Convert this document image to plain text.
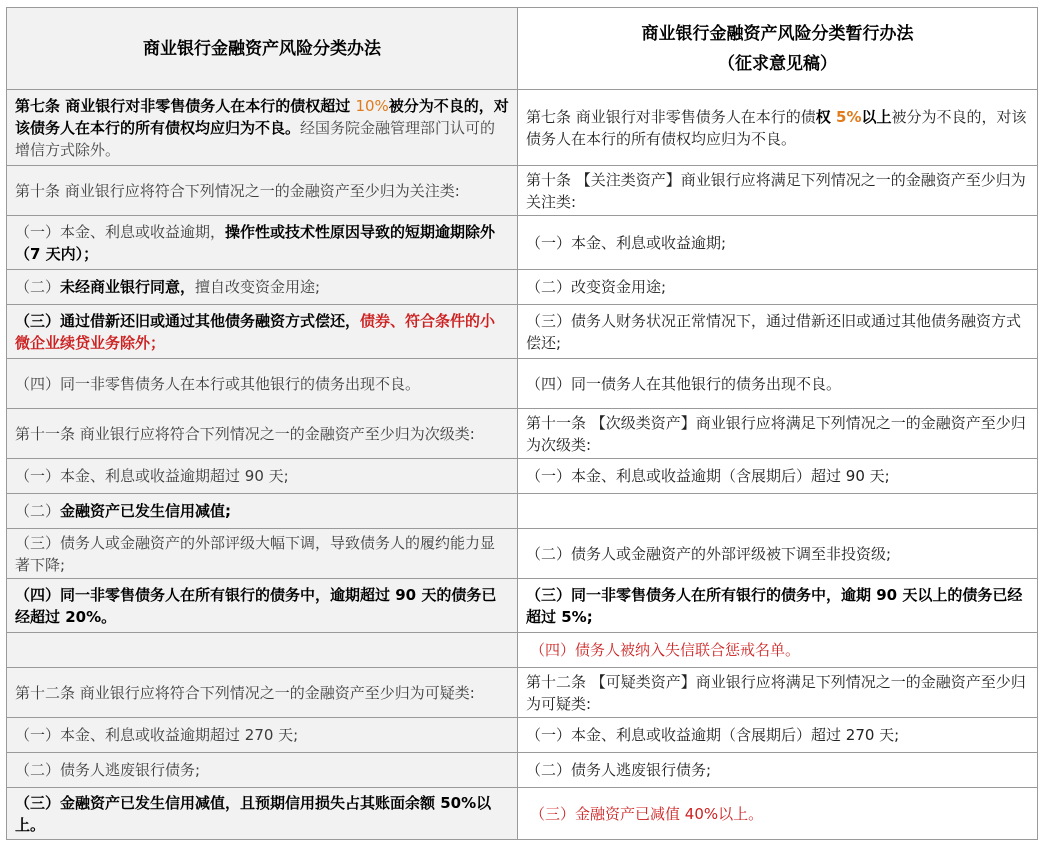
商业银行金融资产风险分类办法	商业银行金融资产风险分类暂行办法
（征求意见稿）

第七条 商业银行对非零售债务人在本行的债权超过 10%被分为不良的，对该债务人在本行的所有债权均应归为不良。经国务院金融管理部门认可的增信方式除外。	第七条 商业银行对非零售债务人在本行的债权 5%以上被分为不良的，对该债务人在本行的所有债权均应归为不良。
第十条 商业银行应将符合下列情况之一的金融资产至少归为关注类:	第十条 【关注类资产】商业银行应将满足下列情况之一的金融资产至少归为关注类:
（一）本金、利息或收益逾期，操作性或技术性原因导致的短期逾期除外（7 天内）；	（一）本金、利息或收益逾期;
（二）未经商业银行同意，擅自改变资金用途;	（二）改变资金用途;
（三）通过借新还旧或通过其他债务融资方式偿还，债券、符合条件的小微企业续贷业务除外；	（三）债务人财务状况正常情况下，通过借新还旧或通过其他债务融资方式偿还;
（四）同一非零售债务人在本行或其他银行的债务出现不良。	（四）同一债务人在其他银行的债务出现不良。
第十一条 商业银行应将符合下列情况之一的金融资产至少归为次级类:	第十一条 【次级类资产】商业银行应将满足下列情况之一的金融资产至少归为次级类:
（一）本金、利息或收益逾期超过 90 天;	（一）本金、利息或收益逾期（含展期后）超过 90 天;
（二）金融资产已发生信用减值;	
（三）债务人或金融资产的外部评级大幅下调，导致债务人的履约能力显著下降;	（二）债务人或金融资产的外部评级被下调至非投资级;
（四）同一非零售债务人在所有银行的债务中，逾期超过 90 天的债务已经超过 20%。	（三）同一非零售债务人在所有银行的债务中，逾期 90 天以上的债务已经超过 5%;
	（四）债务人被纳入失信联合惩戒名单。
第十二条 商业银行应将符合下列情况之一的金融资产至少归为可疑类:	第十二条 【可疑类资产】商业银行应将满足下列情况之一的金融资产至少归为可疑类:
（一）本金、利息或收益逾期超过 270 天;	（一）本金、利息或收益逾期（含展期后）超过 270 天;
（二）债务人逃废银行债务;	（二）债务人逃废银行债务;
（三）金融资产已发生信用减值，且预期信用损失占其账面余额 50%以上。	（三）金融资产已减值 40%以上。
